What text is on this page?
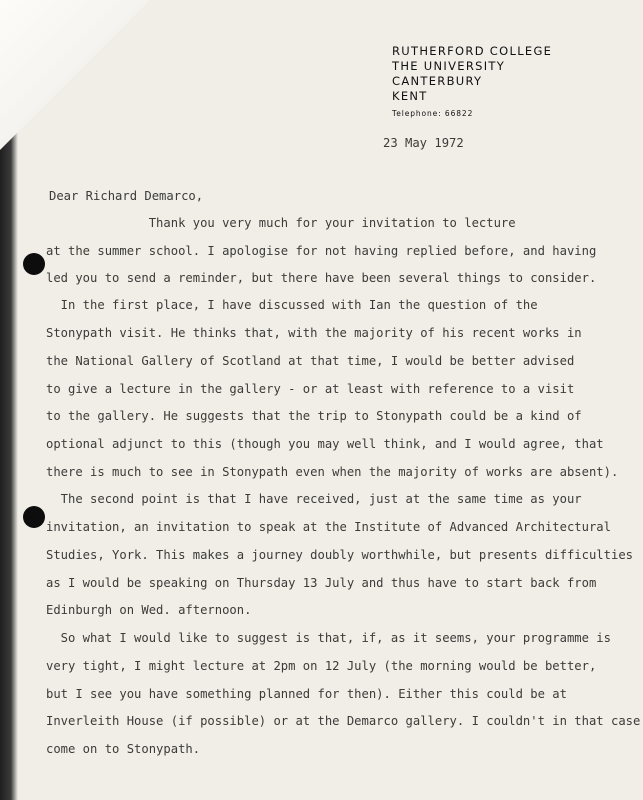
RUTHERFORD COLLEGE
THE UNIVERSITY
CANTERBURY
KENT
Telephone: 66822
23 May 1972
Dear Richard Demarco,
Thank you very much for your invitation to lecture
at the summer school. I apologise for not having replied before, and having
led you to send a reminder, but there have been several things to consider.
In the first place, I have discussed with Ian the question of the
Stonypath visit. He thinks that, with the majority of his recent works in
the National Gallery of Scotland at that time, I would be better advised
to give a lecture in the gallery - or at least with reference to a visit
to the gallery. He suggests that the trip to Stonypath could be a kind of
optional adjunct to this (though you may well think, and I would agree, that
there is much to see in Stonypath even when the majority of works are absent).
The second point is that I have received, just at the same time as your
invitation, an invitation to speak at the Institute of Advanced Architectural
Studies, York. This makes a journey doubly worthwhile, but presents difficulties
as I would be speaking on Thursday 13 July and thus have to start back from
Edinburgh on Wed. afternoon.
So what I would like to suggest is that, if, as it seems, your programme is
very tight, I might lecture at 2pm on 12 July (the morning would be better,
but I see you have something planned for then). Either this could be at
Inverleith House (if possible) or at the Demarco gallery. I couldn't in that case
come on to Stonypath.
